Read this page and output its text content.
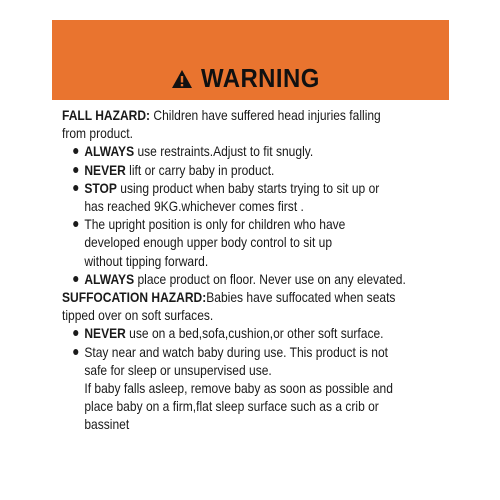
WARNING

FALL HAZARD: Children have suffered head injuries falling
from product.

ALWAYS use restraints.Adjust to fit snugly.
NEVER lift or carry baby in product.
STOP using product when baby starts trying to sit up or
has reached 9KG.whichever comes first .
The upright position is only for children who have
developed enough upper body control to sit up
without tipping forward.
ALWAYS place product on floor. Never use on any elevated.

SUFFOCATION HAZARD:Babies have suffocated when seats
tipped over on soft surfaces.

NEVER use on a bed,sofa,cushion,or other soft surface.
Stay near and watch baby during use. This product is not
safe for sleep or unsupervised use.
If baby falls asleep, remove baby as soon as possible and
place baby on a firm,flat sleep surface such as a crib or
bassinet
